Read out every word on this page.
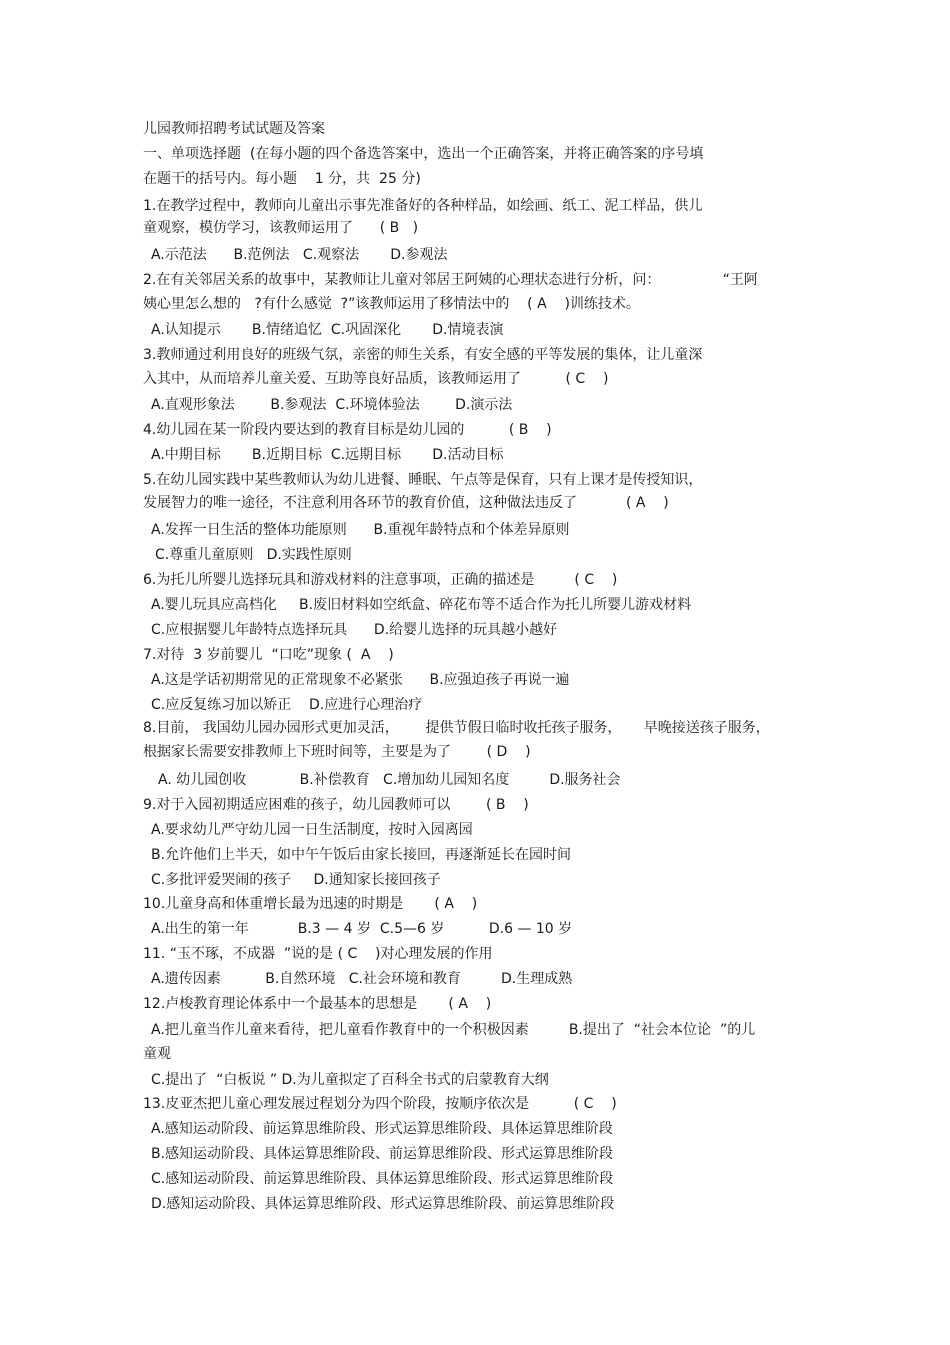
儿园教师招聘考试试题及答案
一、单项选择题  (在每小题的四个备选答案中，选出一个正确答案，并将正确答案的序号填
在题干的括号内。每小题    1 分，共  25 分)
1.在教学过程中，教师向儿童出示事先准备好的各种样品，如绘画、纸工、泥工样品，供儿
童观察，模仿学习，该教师运用了      ( B   )
A.示范法      B.范例法   C.观察法       D.参观法
2.在有关邻居关系的故事中，某教师让儿童对邻居王阿姨的心理状态进行分析，问：              “王阿
姨心里怎么想的   ?有什么感觉  ?”该教师运用了移情法中的    ( A    )训练技术。
A.认知提示       B.情绪追忆  C.巩固深化       D.情境表演
3.教师通过利用良好的班级气氛，亲密的师生关系，有安全感的平等发展的集体，让儿童深
入其中，从而培养儿童关爱、互助等良好品质，该教师运用了          ( C    )
A.直观形象法        B.参观法  C.环境体验法        D.演示法
4.幼儿园在某一阶段内要达到的教育目标是幼儿园的          ( B    )
A.中期目标       B.近期目标  C.远期目标       D.活动目标
5.在幼儿园实践中某些教师认为幼儿进餐、睡眠、午点等是保育，只有上课才是传授知识，
发展智力的唯一途径，不注意利用各环节的教育价值，这种做法违反了           ( A    )
A.发挥一日生活的整体功能原则      B.重视年龄特点和个体差异原则
C.尊重儿童原则   D.实践性原则
6.为托儿所婴儿选择玩具和游戏材料的注意事项，正确的描述是         ( C    )
A.婴儿玩具应高档化     B.废旧材料如空纸盒、碎花布等不适合作为托儿所婴儿游戏材料
C.应根据婴儿年龄特点选择玩具      D.给婴儿选择的玩具越小越好
7.对待  3 岁前婴儿  “口吃”现象 (  A    )
A.这是学话初期常见的正常现象不必紧张      B.应强迫孩子再说一遍
C.应反复练习加以矫正    D.应进行心理治疗
8.目前， 我国幼儿园办园形式更加灵活，      提供节假日临时收托孩子服务，     早晚接送孩子服务，
根据家长需要安排教师上下班时间等，主要是为了        ( D    )
A. 幼儿园创收            B.补偿教育   C.增加幼儿园知名度         D.服务社会
9.对于入园初期适应困难的孩子，幼儿园教师可以        ( B    )
A.要求幼儿严守幼儿园一日生活制度，按时入园离园
B.允许他们上半天，如中午午饭后由家长接回，再逐渐延长在园时间
C.多批评爱哭闹的孩子     D.通知家长接回孩子
10.儿童身高和体重增长最为迅速的时期是       ( A    )
A.出生的第一年           B.3 — 4 岁  C.5—6 岁          D.6 — 10 岁
11. “玉不琢，不成器  ”说的是 ( C    )对心理发展的作用
A.遗传因素          B.自然环境   C.社会环境和教育         D.生理成熟
12.卢梭教育理论体系中一个最基本的思想是       ( A    )
A.把儿童当作儿童来看待，把儿童看作教育中的一个积极因素         B.提出了  “社会本位论  ”的儿
童观
C.提出了  “白板说 ” D.为儿童拟定了百科全书式的启蒙教育大纲
13.皮亚杰把儿童心理发展过程划分为四个阶段，按顺序依次是          ( C    )
A.感知运动阶段、前运算思维阶段、形式运算思维阶段、具体运算思维阶段
B.感知运动阶段、具体运算思维阶段、前运算思维阶段、形式运算思维阶段
C.感知运动阶段、前运算思维阶段、具体运算思维阶段、形式运算思维阶段
D.感知运动阶段、具体运算思维阶段、形式运算思维阶段、前运算思维阶段
